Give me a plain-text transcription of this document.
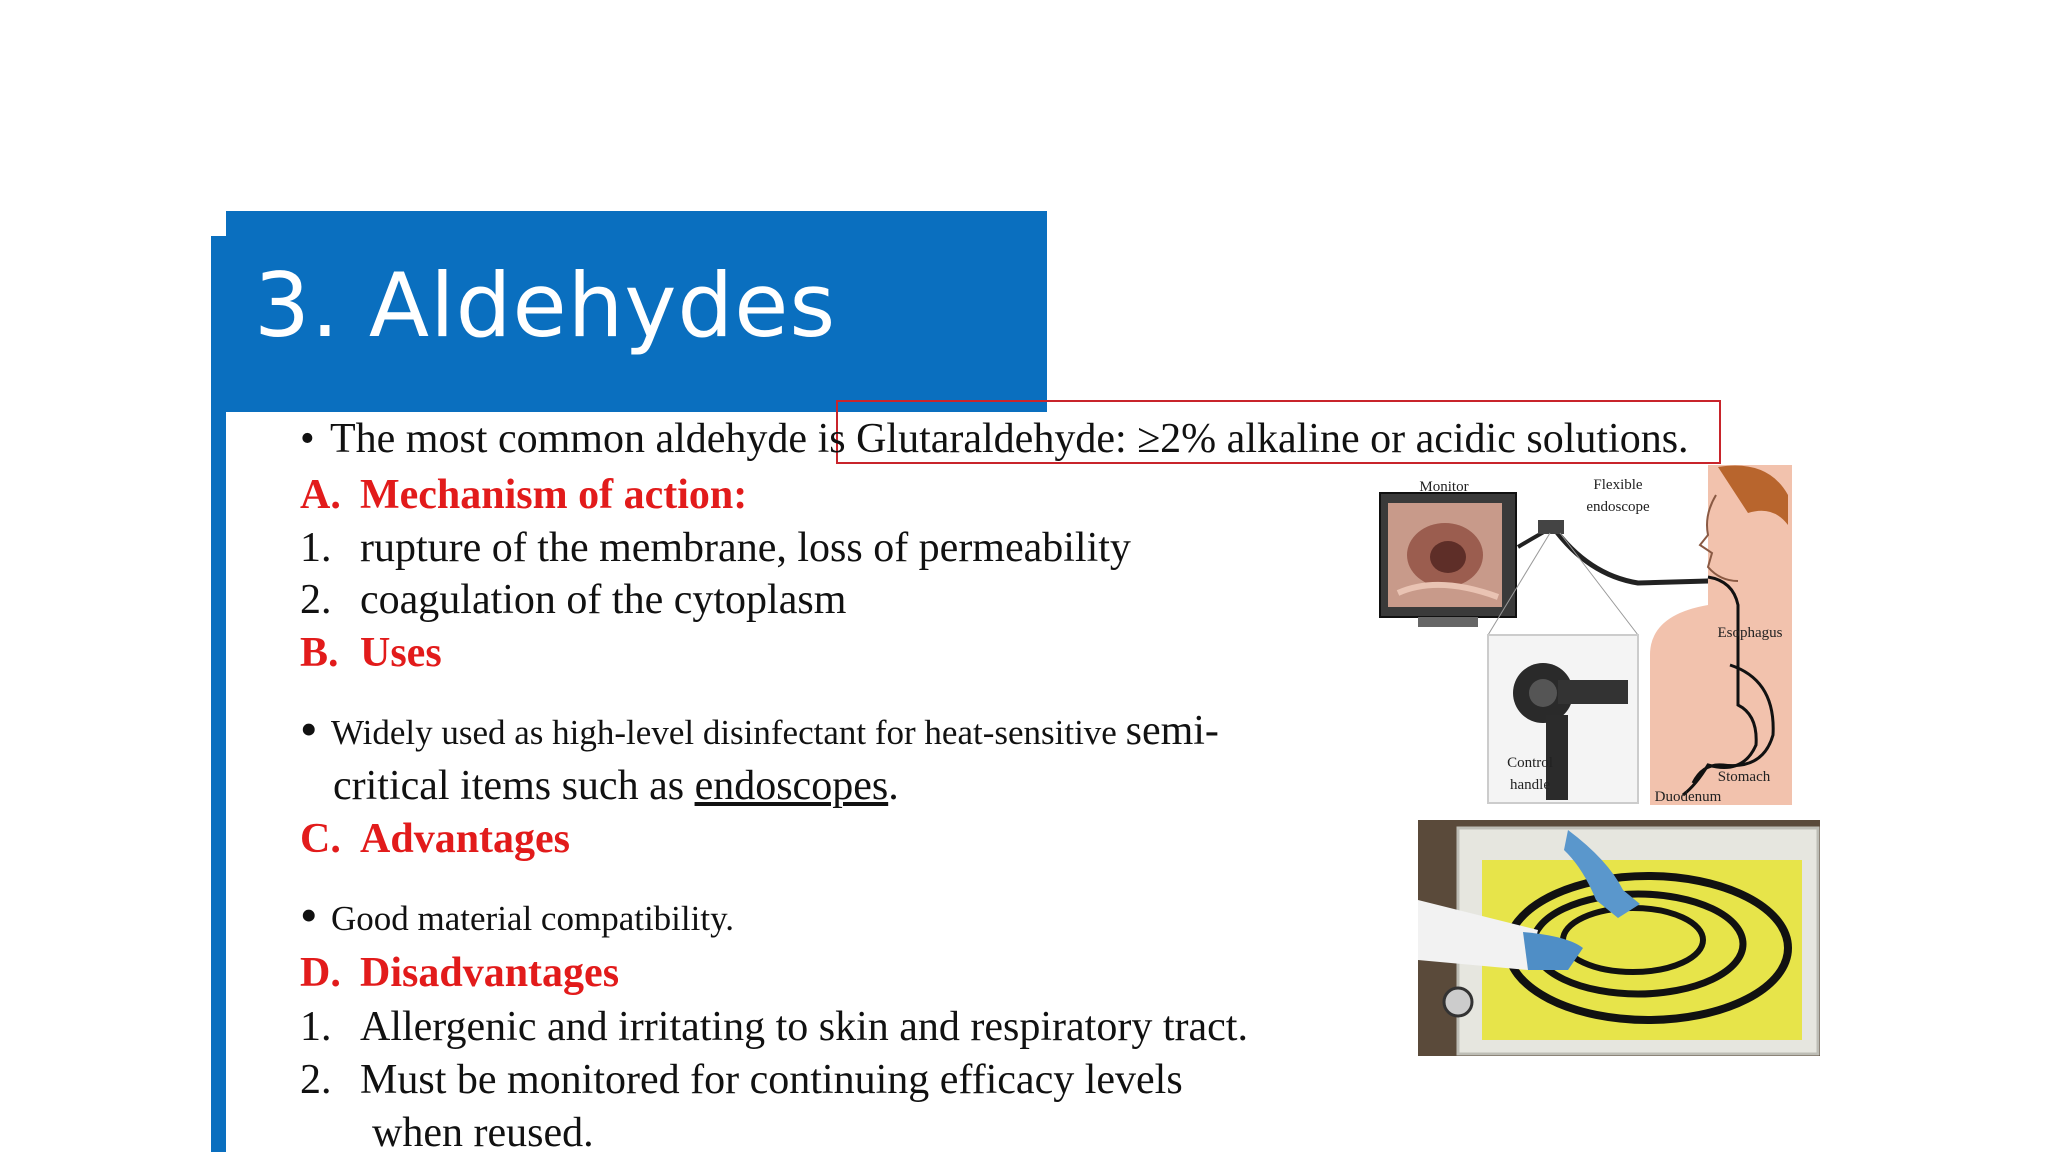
3. Aldehydes
• The most common aldehyde is Glutaraldehyde: ≥2% alkaline or acidic solutions.
A. Mechanism of action:
1. rupture of the membrane, loss of permeability
2. coagulation of the cytoplasm
B. Uses
• Widely used as high-level disinfectant for heat-sensitive semi-
critical items such as endoscopes.
C. Advantages
• Good material compatibility.
D. Disadvantages
1. Allergenic and irritating to skin and respiratory tract.
2. Must be monitored for continuing efficacy levels
when reused.
Monitor	Flexible
endoscope
Esophagus
Control
handle	Stomach
Duodenum
